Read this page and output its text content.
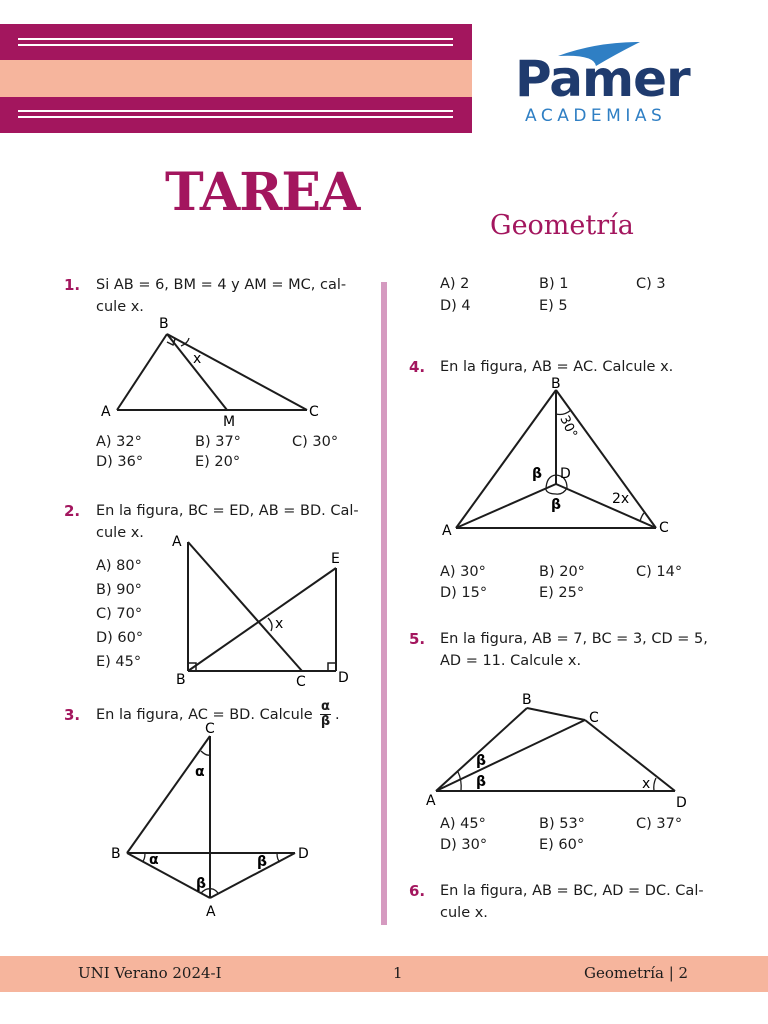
Pamer
ACADEMIAS
TAREA
Geometría
1. Si AB = 6, BM = 4 y AM = MC, cal-
cule x.
B
A	C
M
x
A) 32°	B) 37°	C) 30°
D) 36°	E) 20°
2. En la figura, BC = ED, AB = BD. Cal-
cule x.
A) 80°
B) 90°
C) 70°
D) 60°
E) 45°
A
B	C D
E
x
3. En la figura, AC = BD. Calcule $\frac{\alpha}{\beta}$ .
C
B	D
A
α
α	β
β
A) 2	B) 1	C) 3
D) 4	E) 5
4. En la figura, AB = AC. Calcule x.
B
A	C
D
30°
2x
β
β
A) 30°	B) 20°	C) 14°
D) 15°	E) 25°
5. En la figura, AB = 7, BC = 3, CD = 5,
AD = 11. Calcule x.
B
C
A	D
x
β
β
A) 45°	B) 53°	C) 37°
D) 30°	E) 60°
6. En la figura, AB = BC, AD = DC. Cal-
cule x.
UNI Verano 2024-I	1	Geometría | 2
